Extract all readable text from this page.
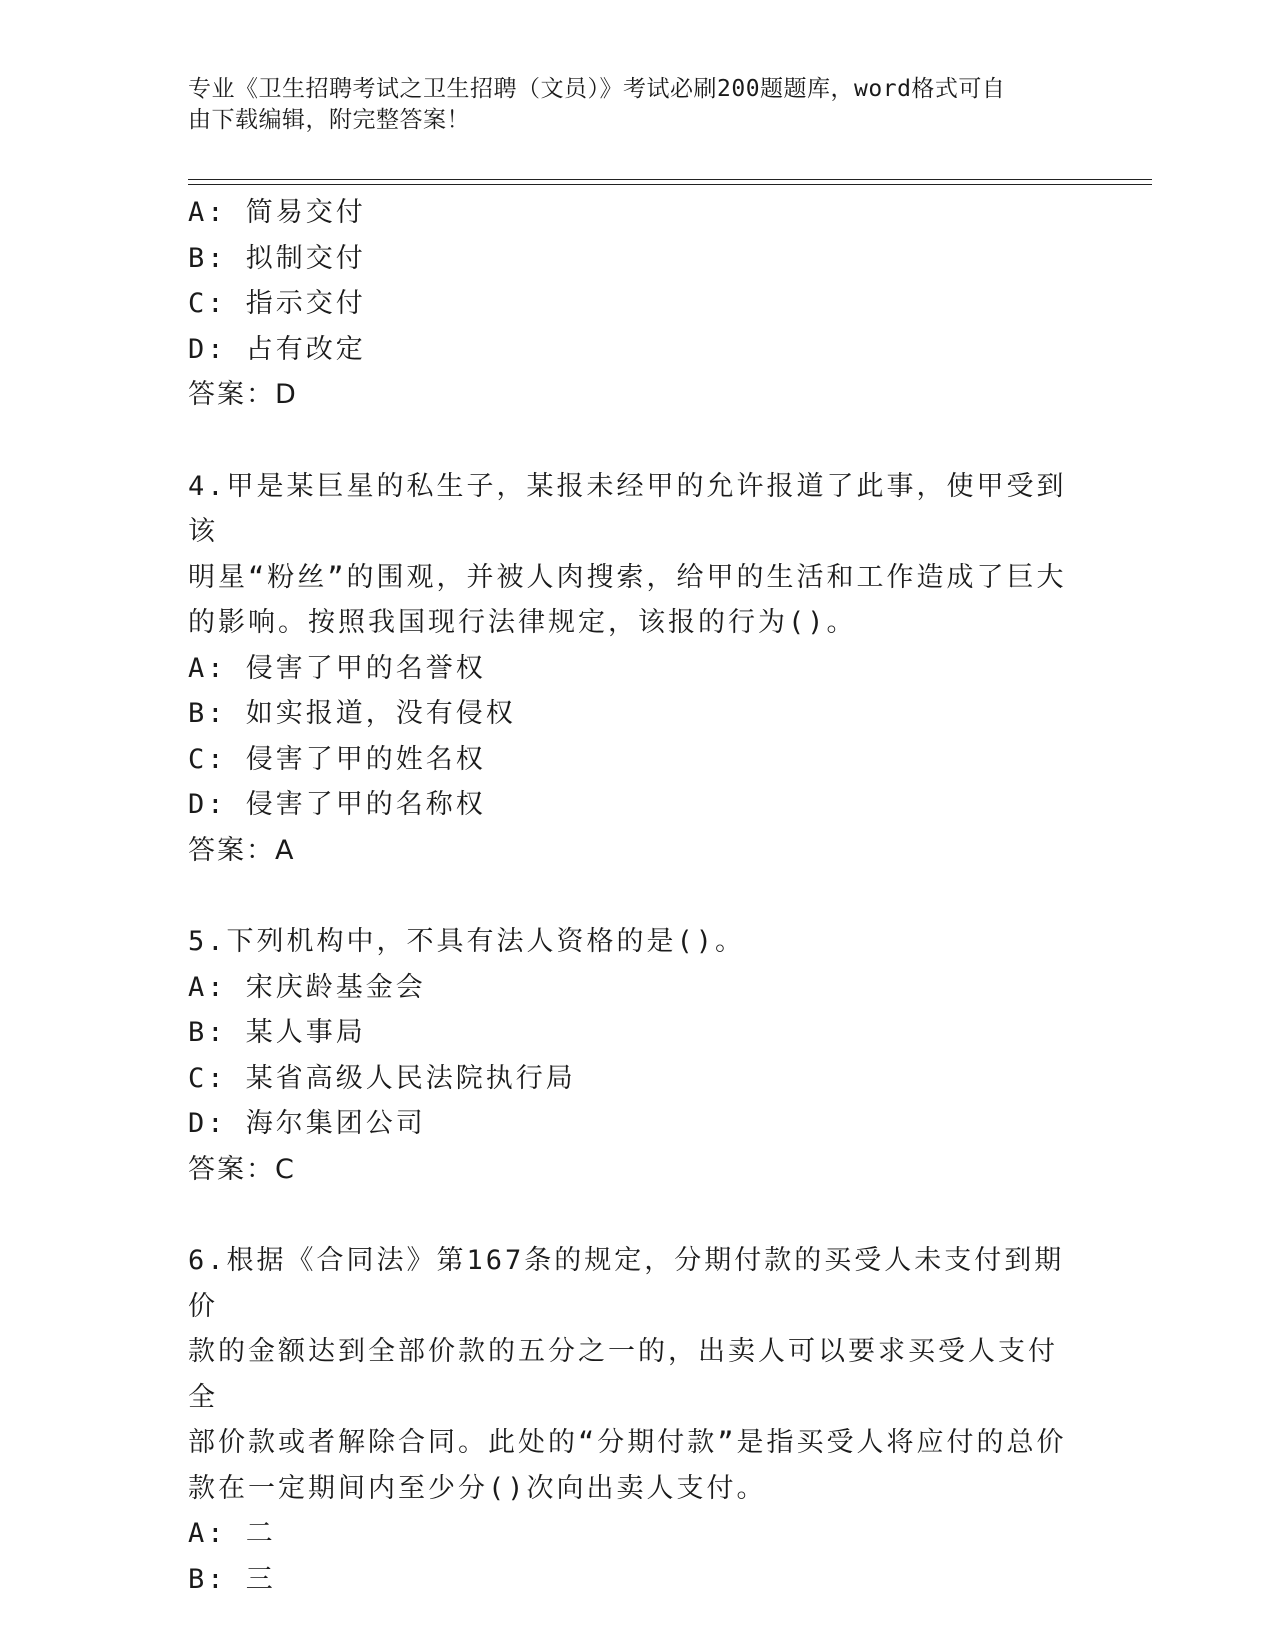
专业《卫生招聘考试之卫生招聘（文员）》考试必刷200题题库，word格式可自
由下载编辑，附完整答案！
A: 简易交付
B: 拟制交付
C: 指示交付
D: 占有改定
答案：D
4.甲是某巨星的私生子，某报未经甲的允许报道了此事，使甲受到该
明星“粉丝”的围观，并被人肉搜索，给甲的生活和工作造成了巨大
的影响。按照我国现行法律规定，该报的行为()。
A: 侵害了甲的名誉权
B: 如实报道，没有侵权
C: 侵害了甲的姓名权
D: 侵害了甲的名称权
答案：A
5.下列机构中，不具有法人资格的是()。
A: 宋庆龄基金会
B: 某人事局
C: 某省高级人民法院执行局
D: 海尔集团公司
答案：C
6.根据《合同法》第167条的规定，分期付款的买受人未支付到期价
款的金额达到全部价款的五分之一的，出卖人可以要求买受人支付全
部价款或者解除合同。此处的“分期付款”是指买受人将应付的总价
款在一定期间内至少分()次向出卖人支付。
A: 二
B: 三
